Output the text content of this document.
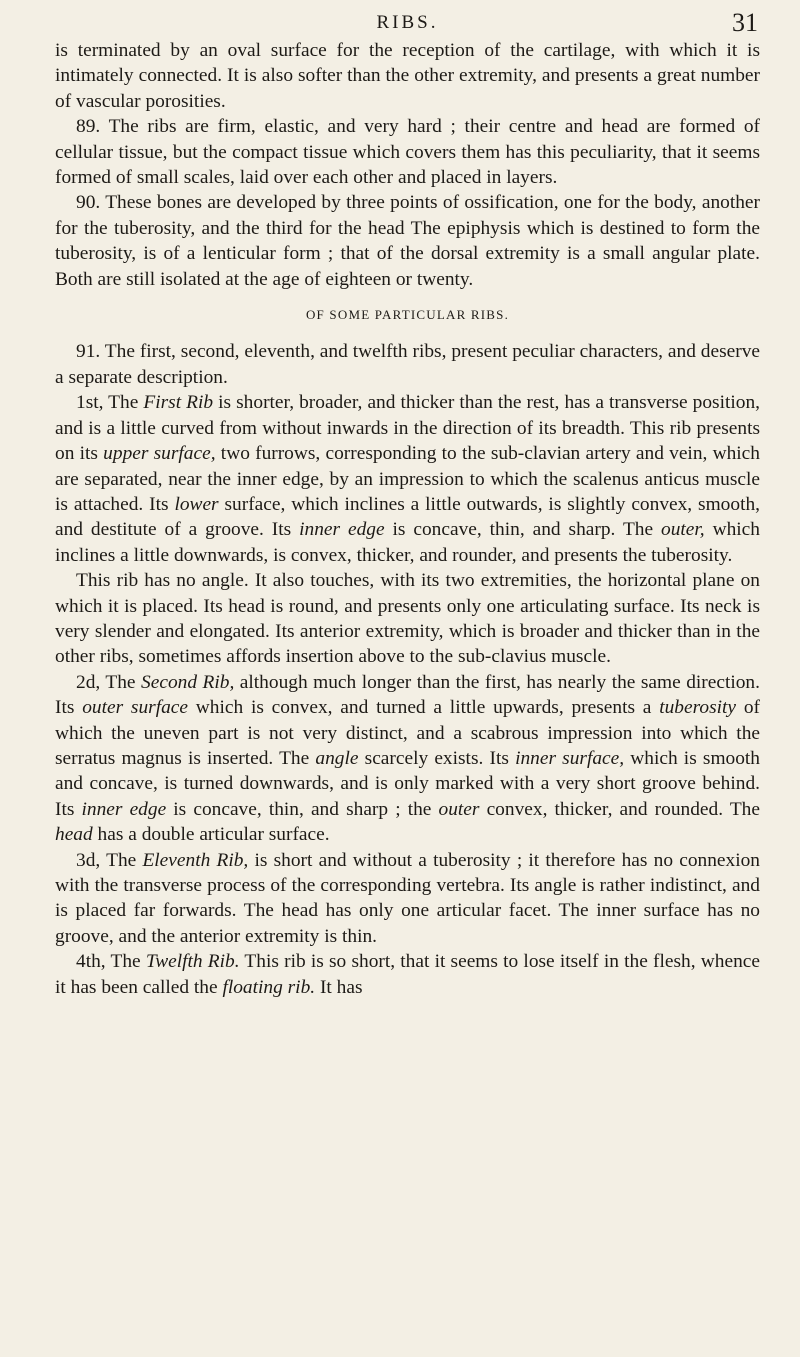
RIBS.	31

is terminated by an oval surface for the reception of the cartilage, with which it is intimately connected. It is also softer than the other extremity, and presents a great number of vascular porosities.

89. The ribs are firm, elastic, and very hard ; their centre and head are formed of cellular tissue, but the compact tissue which covers them has this peculiarity, that it seems formed of small scales, laid over each other and placed in layers.

90. These bones are developed by three points of ossification, one for the body, another for the tuberosity, and the third for the head The epiphysis which is destined to form the tuberosity, is of a lenticular form ; that of the dorsal extremity is a small angular plate. Both are still isolated at the age of eighteen or twenty.

OF SOME PARTICULAR RIBS.

91. The first, second, eleventh, and twelfth ribs, present peculiar characters, and deserve a separate description.

1st, The First Rib is shorter, broader, and thicker than the rest, has a transverse position, and is a little curved from without inwards in the direction of its breadth. This rib presents on its upper surface, two furrows, corresponding to the sub-clavian artery and vein, which are separated, near the inner edge, by an impression to which the scalenus anticus muscle is attached. Its lower surface, which inclines a little outwards, is slightly convex, smooth, and destitute of a groove. Its inner edge is concave, thin, and sharp. The outer, which inclines a little downwards, is convex, thicker, and rounder, and presents the tuberosity.

This rib has no angle. It also touches, with its two extremities, the horizontal plane on which it is placed. Its head is round, and presents only one articulating surface. Its neck is very slender and elongated. Its anterior extremity, which is broader and thicker than in the other ribs, sometimes affords insertion above to the sub-clavius muscle.

2d, The Second Rib, although much longer than the first, has nearly the same direction. Its outer surface which is convex, and turned a little upwards, presents a tuberosity of which the uneven part is not very distinct, and a scabrous impression into which the serratus magnus is inserted. The angle scarcely exists. Its inner surface, which is smooth and concave, is turned downwards, and is only marked with a very short groove behind. Its inner edge is concave, thin, and sharp ; the outer convex, thicker, and rounded. The head has a double articular surface.

3d, The Eleventh Rib, is short and without a tuberosity ; it therefore has no connexion with the transverse process of the corresponding vertebra. Its angle is rather indistinct, and is placed far forwards. The head has only one articular facet. The inner surface has no groove, and the anterior extremity is thin.

4th, The Twelfth Rib. This rib is so short, that it seems to lose itself in the flesh, whence it has been called the floating rib. It has
